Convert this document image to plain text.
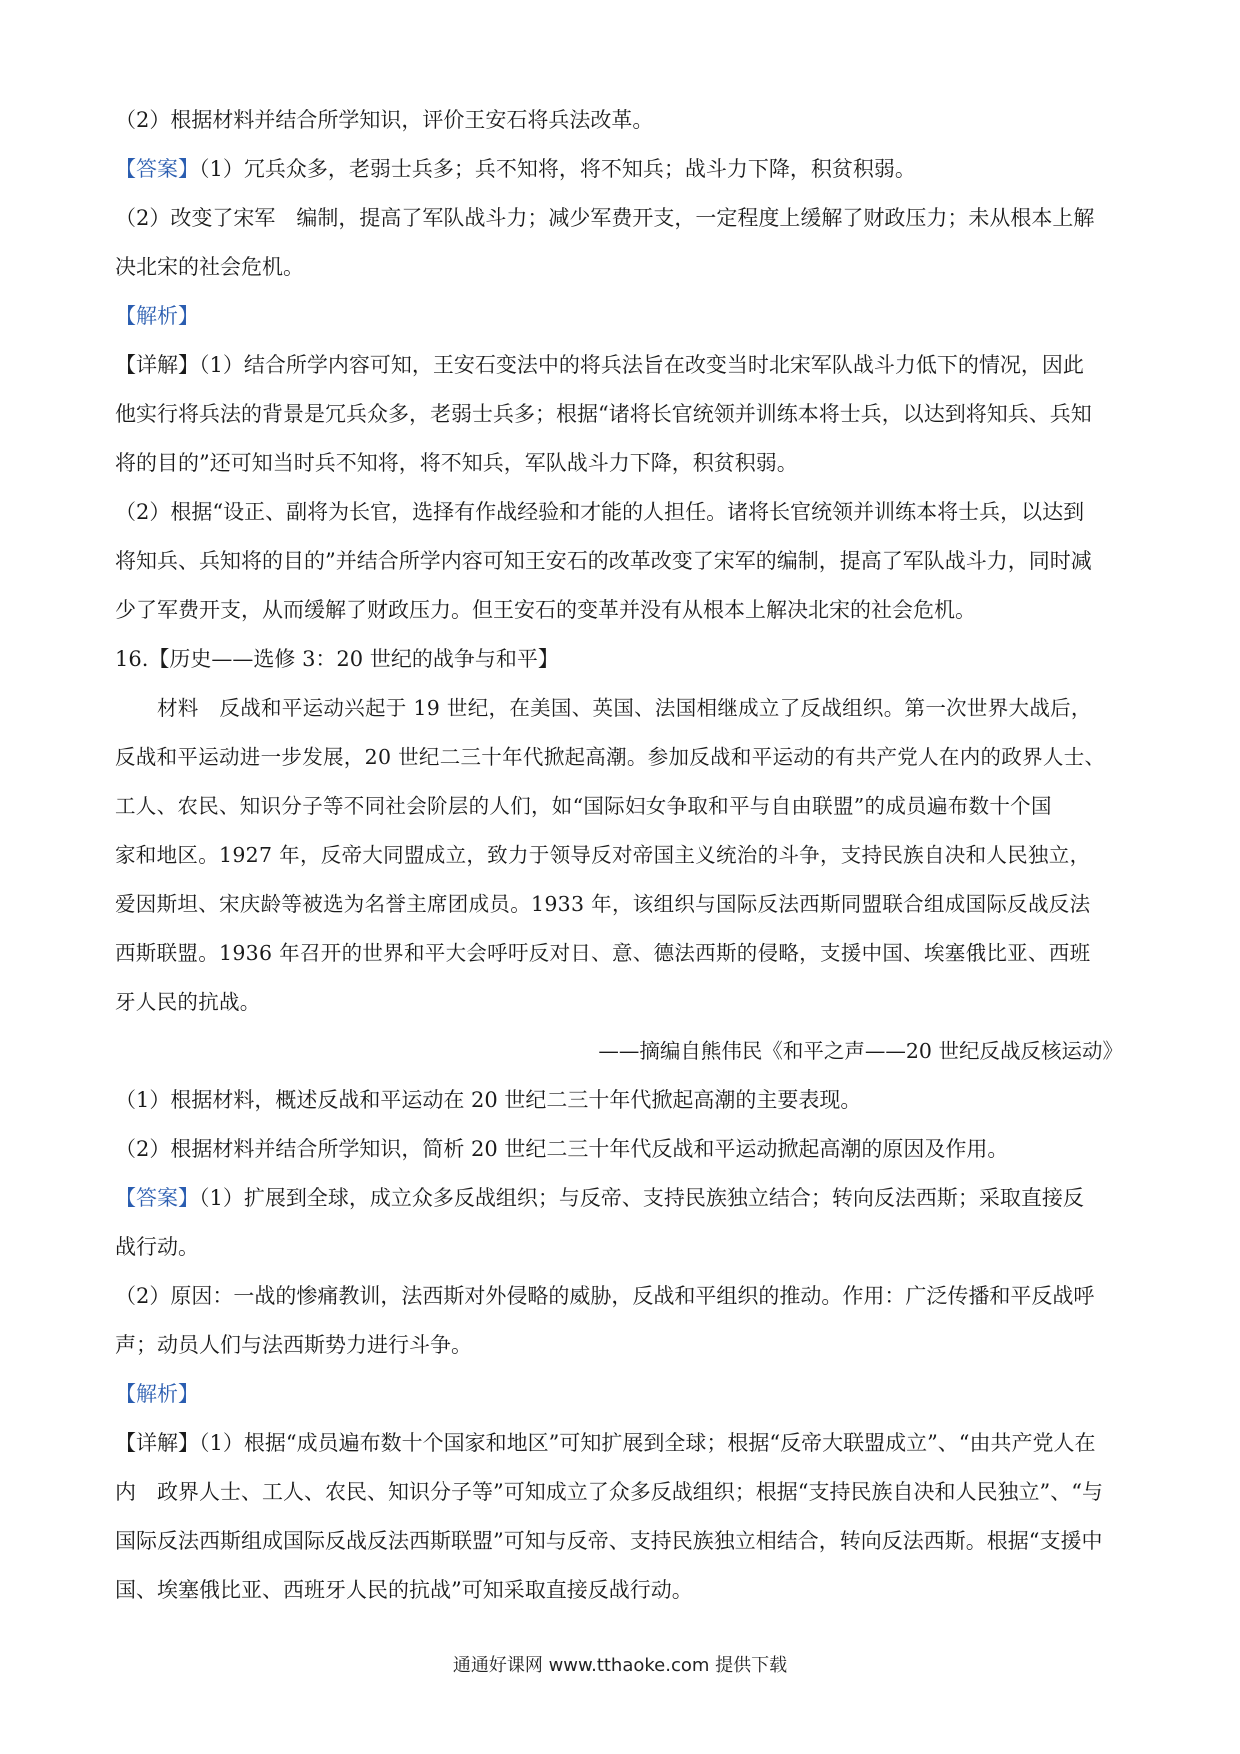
（2）根据材料并结合所学知识，评价王安石将兵法改革。
【答案】（1）冗兵众多，老弱士兵多；兵不知将，将不知兵；战斗力下降，积贫积弱。
（2）改变了宋军　编制，提高了军队战斗力；减少军费开支，一定程度上缓解了财政压力；未从根本上解
决北宋的社会危机。
【解析】
【详解】（1）结合所学内容可知，王安石变法中的将兵法旨在改变当时北宋军队战斗力低下的情况，因此
他实行将兵法的背景是冗兵众多，老弱士兵多；根据“诸将长官统领并训练本将士兵，以达到将知兵、兵知
将的目的”还可知当时兵不知将，将不知兵，军队战斗力下降，积贫积弱。
（2）根据“设正、副将为长官，选择有作战经验和才能的人担任。诸将长官统领并训练本将士兵，以达到
将知兵、兵知将的目的”并结合所学内容可知王安石的改革改变了宋军的编制，提高了军队战斗力，同时减
少了军费开支，从而缓解了财政压力。但王安石的变革并没有从根本上解决北宋的社会危机。
16.【历史——选修 3：20 世纪的战争与和平】
材料　反战和平运动兴起于 19 世纪，在美国、英国、法国相继成立了反战组织。第一次世界大战后，
反战和平运动进一步发展，20 世纪二三十年代掀起高潮。参加反战和平运动的有共产党人在内的政界人士、
工人、农民、知识分子等不同社会阶层的人们，如“国际妇女争取和平与自由联盟”的成员遍布数十个国
家和地区。1927 年，反帝大同盟成立，致力于领导反对帝国主义统治的斗争，支持民族自决和人民独立，
爱因斯坦、宋庆龄等被选为名誉主席团成员。1933 年，该组织与国际反法西斯同盟联合组成国际反战反法
西斯联盟。1936 年召开的世界和平大会呼吁反对日、意、德法西斯的侵略，支援中国、埃塞俄比亚、西班
牙人民的抗战。
——摘编自熊伟民《和平之声——20 世纪反战反核运动》
（1）根据材料，概述反战和平运动在 20 世纪二三十年代掀起高潮的主要表现。
（2）根据材料并结合所学知识，简析 20 世纪二三十年代反战和平运动掀起高潮的原因及作用。
【答案】（1）扩展到全球，成立众多反战组织；与反帝、支持民族独立结合；转向反法西斯；采取直接反
战行动。
（2）原因：一战的惨痛教训，法西斯对外侵略的威胁，反战和平组织的推动。作用：广泛传播和平反战呼
声；动员人们与法西斯势力进行斗争。
【解析】
【详解】（1）根据“成员遍布数十个国家和地区”可知扩展到全球；根据“反帝大联盟成立”、“由共产党人在
内　政界人士、工人、农民、知识分子等”可知成立了众多反战组织；根据“支持民族自决和人民独立”、“与
国际反法西斯组成国际反战反法西斯联盟”可知与反帝、支持民族独立相结合，转向反法西斯。根据“支援中
国、埃塞俄比亚、西班牙人民的抗战”可知采取直接反战行动。
通通好课网 www.tthaoke.com 提供下载
